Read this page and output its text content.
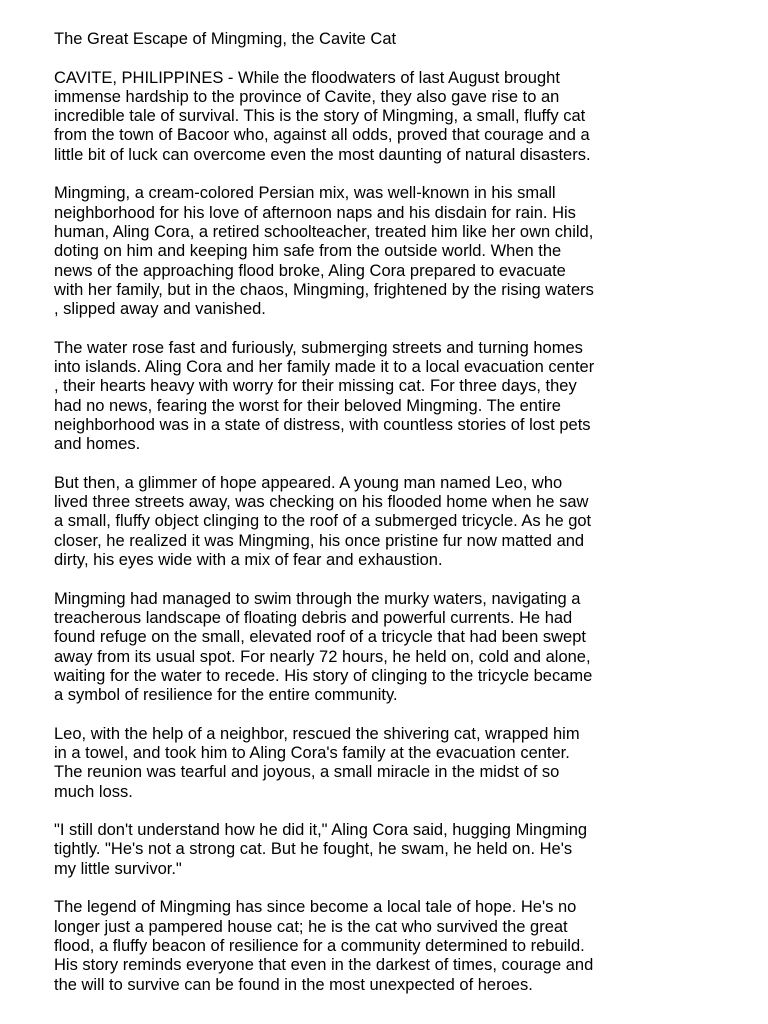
The Great Escape of Mingming, the Cavite Cat

CAVITE, PHILIPPINES - While the floodwaters of last August brought
immense hardship to the province of Cavite, they also gave rise to an
incredible tale of survival. This is the story of Mingming, a small, fluffy cat
from the town of Bacoor who, against all odds, proved that courage and a
little bit of luck can overcome even the most daunting of natural disasters.

Mingming, a cream-colored Persian mix, was well-known in his small
neighborhood for his love of afternoon naps and his disdain for rain. His
human, Aling Cora, a retired schoolteacher, treated him like her own child,
doting on him and keeping him safe from the outside world. When the
news of the approaching flood broke, Aling Cora prepared to evacuate
with her family, but in the chaos, Mingming, frightened by the rising waters
, slipped away and vanished.

The water rose fast and furiously, submerging streets and turning homes
into islands. Aling Cora and her family made it to a local evacuation center
, their hearts heavy with worry for their missing cat. For three days, they
had no news, fearing the worst for their beloved Mingming. The entire
neighborhood was in a state of distress, with countless stories of lost pets
and homes.

But then, a glimmer of hope appeared. A young man named Leo, who
lived three streets away, was checking on his flooded home when he saw
a small, fluffy object clinging to the roof of a submerged tricycle. As he got
closer, he realized it was Mingming, his once pristine fur now matted and
dirty, his eyes wide with a mix of fear and exhaustion.

Mingming had managed to swim through the murky waters, navigating a
treacherous landscape of floating debris and powerful currents. He had
found refuge on the small, elevated roof of a tricycle that had been swept
away from its usual spot. For nearly 72 hours, he held on, cold and alone,
waiting for the water to recede. His story of clinging to the tricycle became
a symbol of resilience for the entire community.

Leo, with the help of a neighbor, rescued the shivering cat, wrapped him
in a towel, and took him to Aling Cora's family at the evacuation center.
The reunion was tearful and joyous, a small miracle in the midst of so
much loss.

"I still don't understand how he did it," Aling Cora said, hugging Mingming
tightly. "He's not a strong cat. But he fought, he swam, he held on. He's
my little survivor."

The legend of Mingming has since become a local tale of hope. He's no
longer just a pampered house cat; he is the cat who survived the great
flood, a fluffy beacon of resilience for a community determined to rebuild.
His story reminds everyone that even in the darkest of times, courage and
the will to survive can be found in the most unexpected of heroes.
